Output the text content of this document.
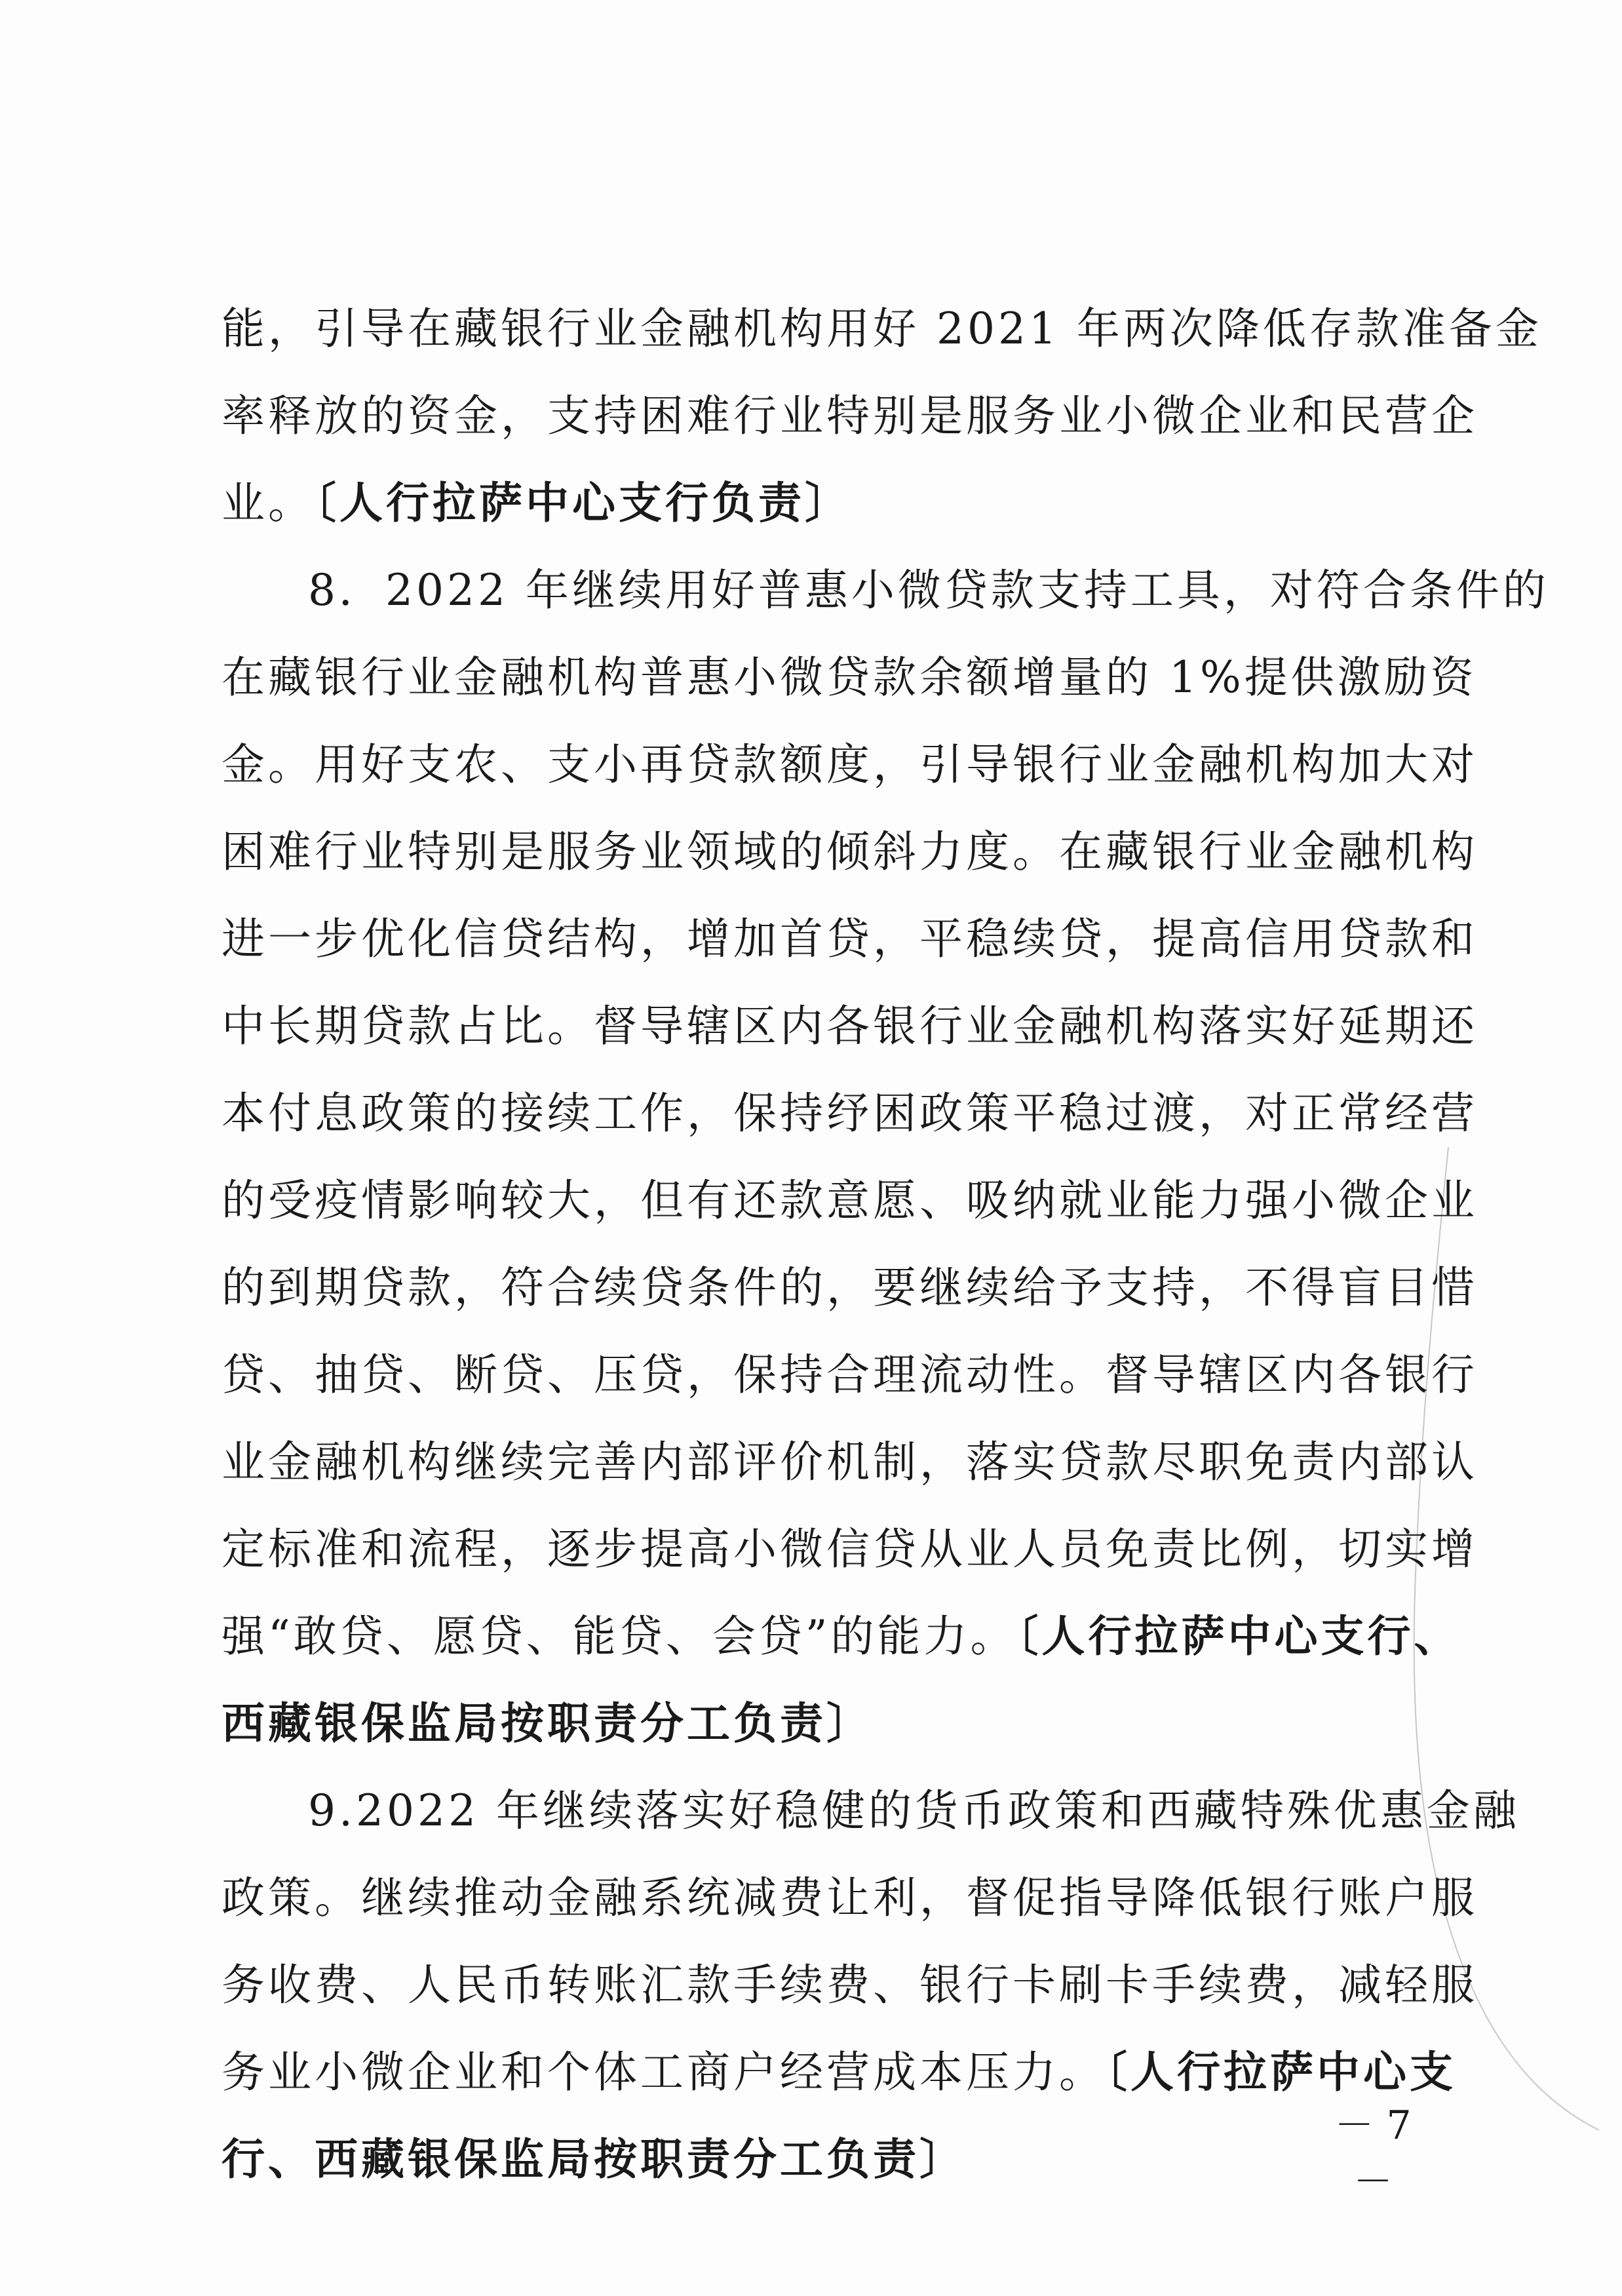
能，引导在藏银行业金融机构用好 2021 年两次降低存款准备金
率释放的资金，支持困难行业特别是服务业小微企业和民营企
业。〔人行拉萨中心支行负责〕
8．2022 年继续用好普惠小微贷款支持工具，对符合条件的
在藏银行业金融机构普惠小微贷款余额增量的 1%提供激励资
金。用好支农、支小再贷款额度，引导银行业金融机构加大对
困难行业特别是服务业领域的倾斜力度。在藏银行业金融机构
进一步优化信贷结构，增加首贷，平稳续贷，提高信用贷款和
中长期贷款占比。督导辖区内各银行业金融机构落实好延期还
本付息政策的接续工作，保持纾困政策平稳过渡，对正常经营
的受疫情影响较大，但有还款意愿、吸纳就业能力强小微企业
的到期贷款，符合续贷条件的，要继续给予支持，不得盲目惜
贷、抽贷、断贷、压贷，保持合理流动性。督导辖区内各银行
业金融机构继续完善内部评价机制，落实贷款尽职免责内部认
定标准和流程，逐步提高小微信贷从业人员免责比例，切实增
强“敢贷、愿贷、能贷、会贷”的能力。〔人行拉萨中心支行、
西藏银保监局按职责分工负责〕
9.2022 年继续落实好稳健的货币政策和西藏特殊优惠金融
政策。继续推动金融系统减费让利，督促指导降低银行账户服
务收费、人民币转账汇款手续费、银行卡刷卡手续费，减轻服
务业小微企业和个体工商户经营成本压力。〔人行拉萨中心支
行、西藏银保监局按职责分工负责〕
－ 7 －
